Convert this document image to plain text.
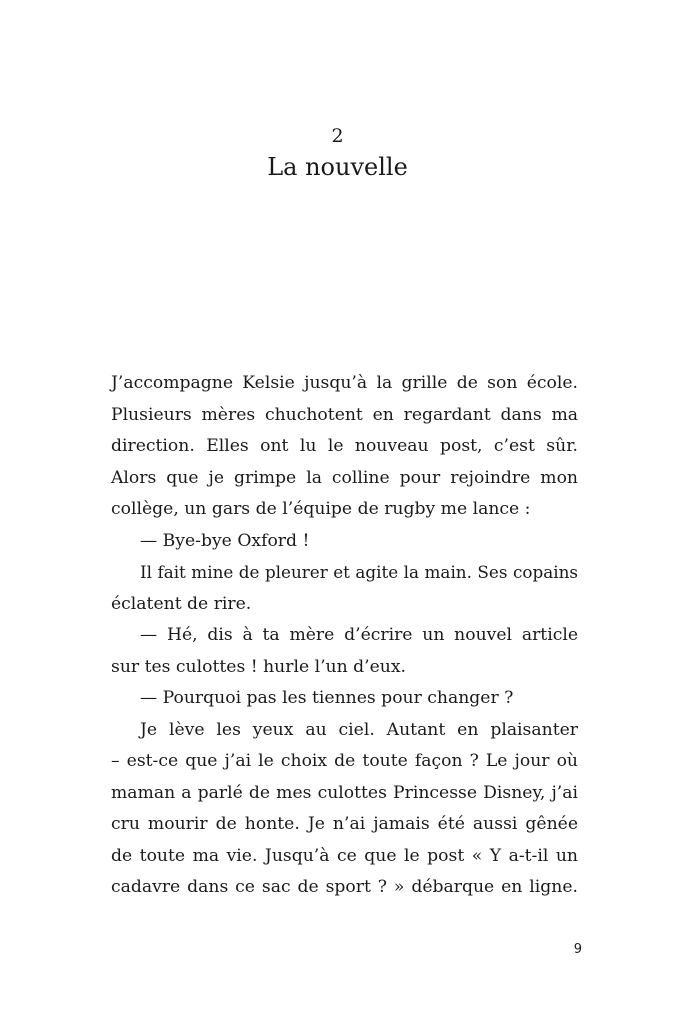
2
La nouvelle
J’accompagne Kelsie jusqu’à la grille de son école.
Plusieurs mères chuchotent en regardant dans ma
direction. Elles ont lu le nouveau post, c’est sûr.
Alors que je grimpe la colline pour rejoindre mon
collège, un gars de l’équipe de rugby me lance :
— Bye-bye Oxford !
Il fait mine de pleurer et agite la main. Ses copains
éclatent de rire.
— Hé, dis à ta mère d’écrire un nouvel article
sur tes culottes ! hurle l’un d’eux.
— Pourquoi pas les tiennes pour changer ?
Je lève les yeux au ciel. Autant en plaisanter
– est-ce que j’ai le choix de toute façon ? Le jour où
maman a parlé de mes culottes Princesse Disney, j’ai
cru mourir de honte. Je n’ai jamais été aussi gênée
de toute ma vie. Jusqu’à ce que le post « Y a-t-il un
cadavre dans ce sac de sport ? » débarque en ligne.
9
